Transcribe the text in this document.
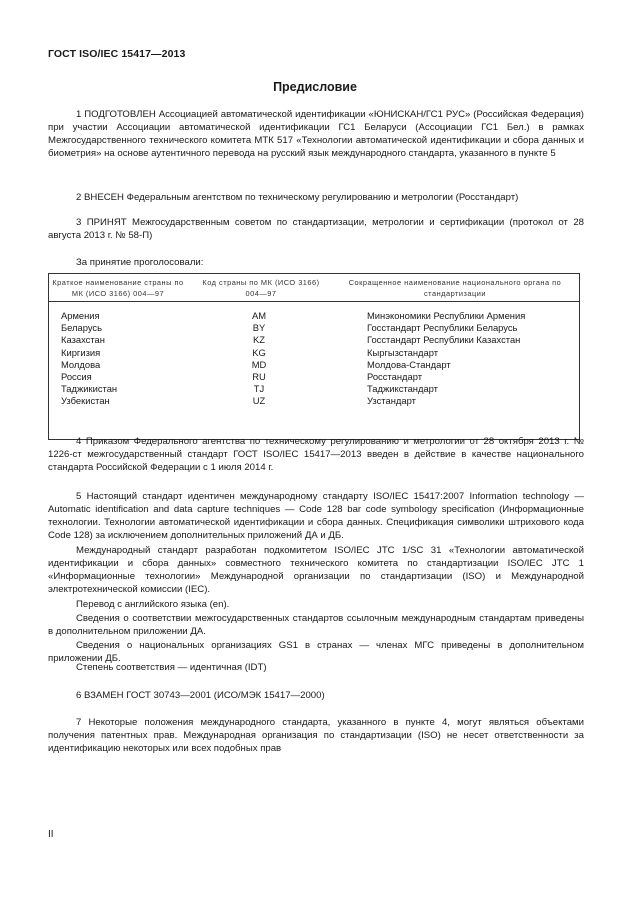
ГОСТ ISO/IEC 15417—2013
Предисловие

1 ПОДГОТОВЛЕН Ассоциацией автоматической идентификации «ЮНИСКАН/ГС1 РУС» (Российская Федерация) при участии Ассоциации автоматической идентификации ГС1 Беларуси (Ассоциации ГС1 Бел.) в рамках Межгосударственного технического комитета МТК 517 «Технологии автоматической идентификации и сбора данных и биометрия» на основе аутентичного перевода на русский язык международного стандарта, указанного в пункте 5

2 ВНЕСЕН Федеральным агентством по техническому регулированию и метрологии (Росстандарт)

3 ПРИНЯТ Межгосударственным советом по стандартизации, метрологии и сертификации (протокол от 28 августа 2013 г. № 58-П)

За принятие проголосовали:

Краткое наименование страны по МК (ИСО 3166) 004—97
Код страны по МК (ИСО 3166) 004—97
Сокращенное наименование национального органа по стандартизации
Армения
Беларусь
Казахстан
Киргизия
Молдова
Россия
Таджикистан
Узбекистан
AM
BY
KZ
KG
MD
RU
TJ
UZ
Минэкономики Республики Армения
Госстандарт Республики Беларусь
Госстандарт Республики Казахстан
Кыргызстандарт
Молдова-Стандарт
Росстандарт
Таджикстандарт
Узстандарт

4 Приказом Федерального агентства по техническому регулированию и метрологии от 28 октября 2013 г. № 1226-ст межгосударственный стандарт ГОСТ ISO/IEC 15417—2013 введен в действие в качестве национального стандарта Российской Федерации с 1 июля 2014 г.

5 Настоящий стандарт идентичен международному стандарту ISO/IEC 15417:2007 Information technology — Automatic identification and data capture techniques — Code 128 bar code symbology specification (Информационные технологии. Технологии автоматической идентификации и сбора данных. Спецификация символики штрихового кода Code 128) за исключением дополнительных приложений ДА и ДБ.

Международный стандарт разработан подкомитетом ISO/IEC JTC 1/SC 31 «Технологии автоматической идентификации и сбора данных» совместного технического комитета по стандартизации ISO/IEC JTC 1 «Информационные технологии» Международной организации по стандартизации (ISO) и Международной электротехнической комиссии (IEC).

Перевод с английского языка (en).

Сведения о соответствии межгосударственных стандартов ссылочным международным стандартам приведены в дополнительном приложении ДА.

Сведения о национальных организациях GS1 в странах — членах МГС приведены в дополнительном приложении ДБ.

Степень соответствия — идентичная (IDT)

6 ВЗАМЕН ГОСТ 30743—2001 (ИСО/МЭК 15417—2000)

7 Некоторые положения международного стандарта, указанного в пункте 4, могут являться объектами получения патентных прав. Международная организация по стандартизации (ISO) не несет ответственности за идентификацию некоторых или всех подобных прав

II
